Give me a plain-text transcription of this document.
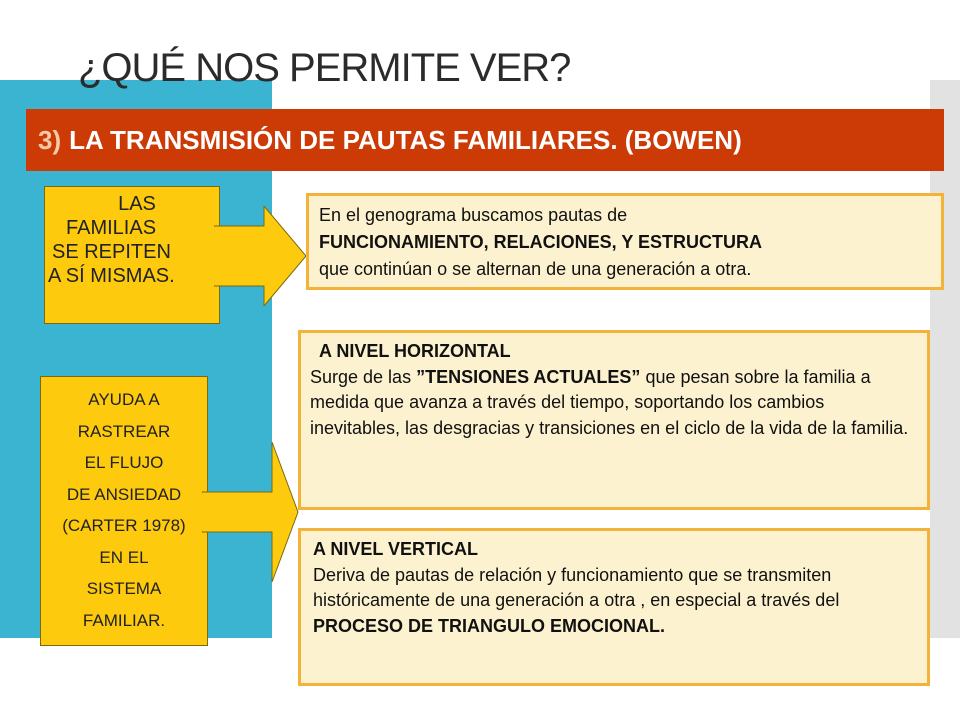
¿QUÉ NOS PERMITE VER?
3) LA TRANSMISIÓN DE PAUTAS FAMILIARES. (BOWEN)
LAS
FAMILIAS
SE REPITEN
A SÍ MISMAS.
AYUDA A
RASTREAR
EL FLUJO
DE ANSIEDAD
(CARTER 1978)
EN EL
SISTEMA
FAMILIAR.
En el genograma buscamos pautas de
FUNCIONAMIENTO, RELACIONES, Y ESTRUCTURA
que continúan o se alternan de una generación a otra.
A NIVEL HORIZONTAL
Surge de las ”TENSIONES ACTUALES” que pesan sobre la familia a medida que avanza a través del tiempo, soportando los cambios inevitables, las desgracias y transiciones en el ciclo de la vida de la familia.
A NIVEL VERTICAL
Deriva de pautas de relación y funcionamiento que se transmiten históricamente de una generación a otra , en especial a través del PROCESO DE TRIANGULO EMOCIONAL.
